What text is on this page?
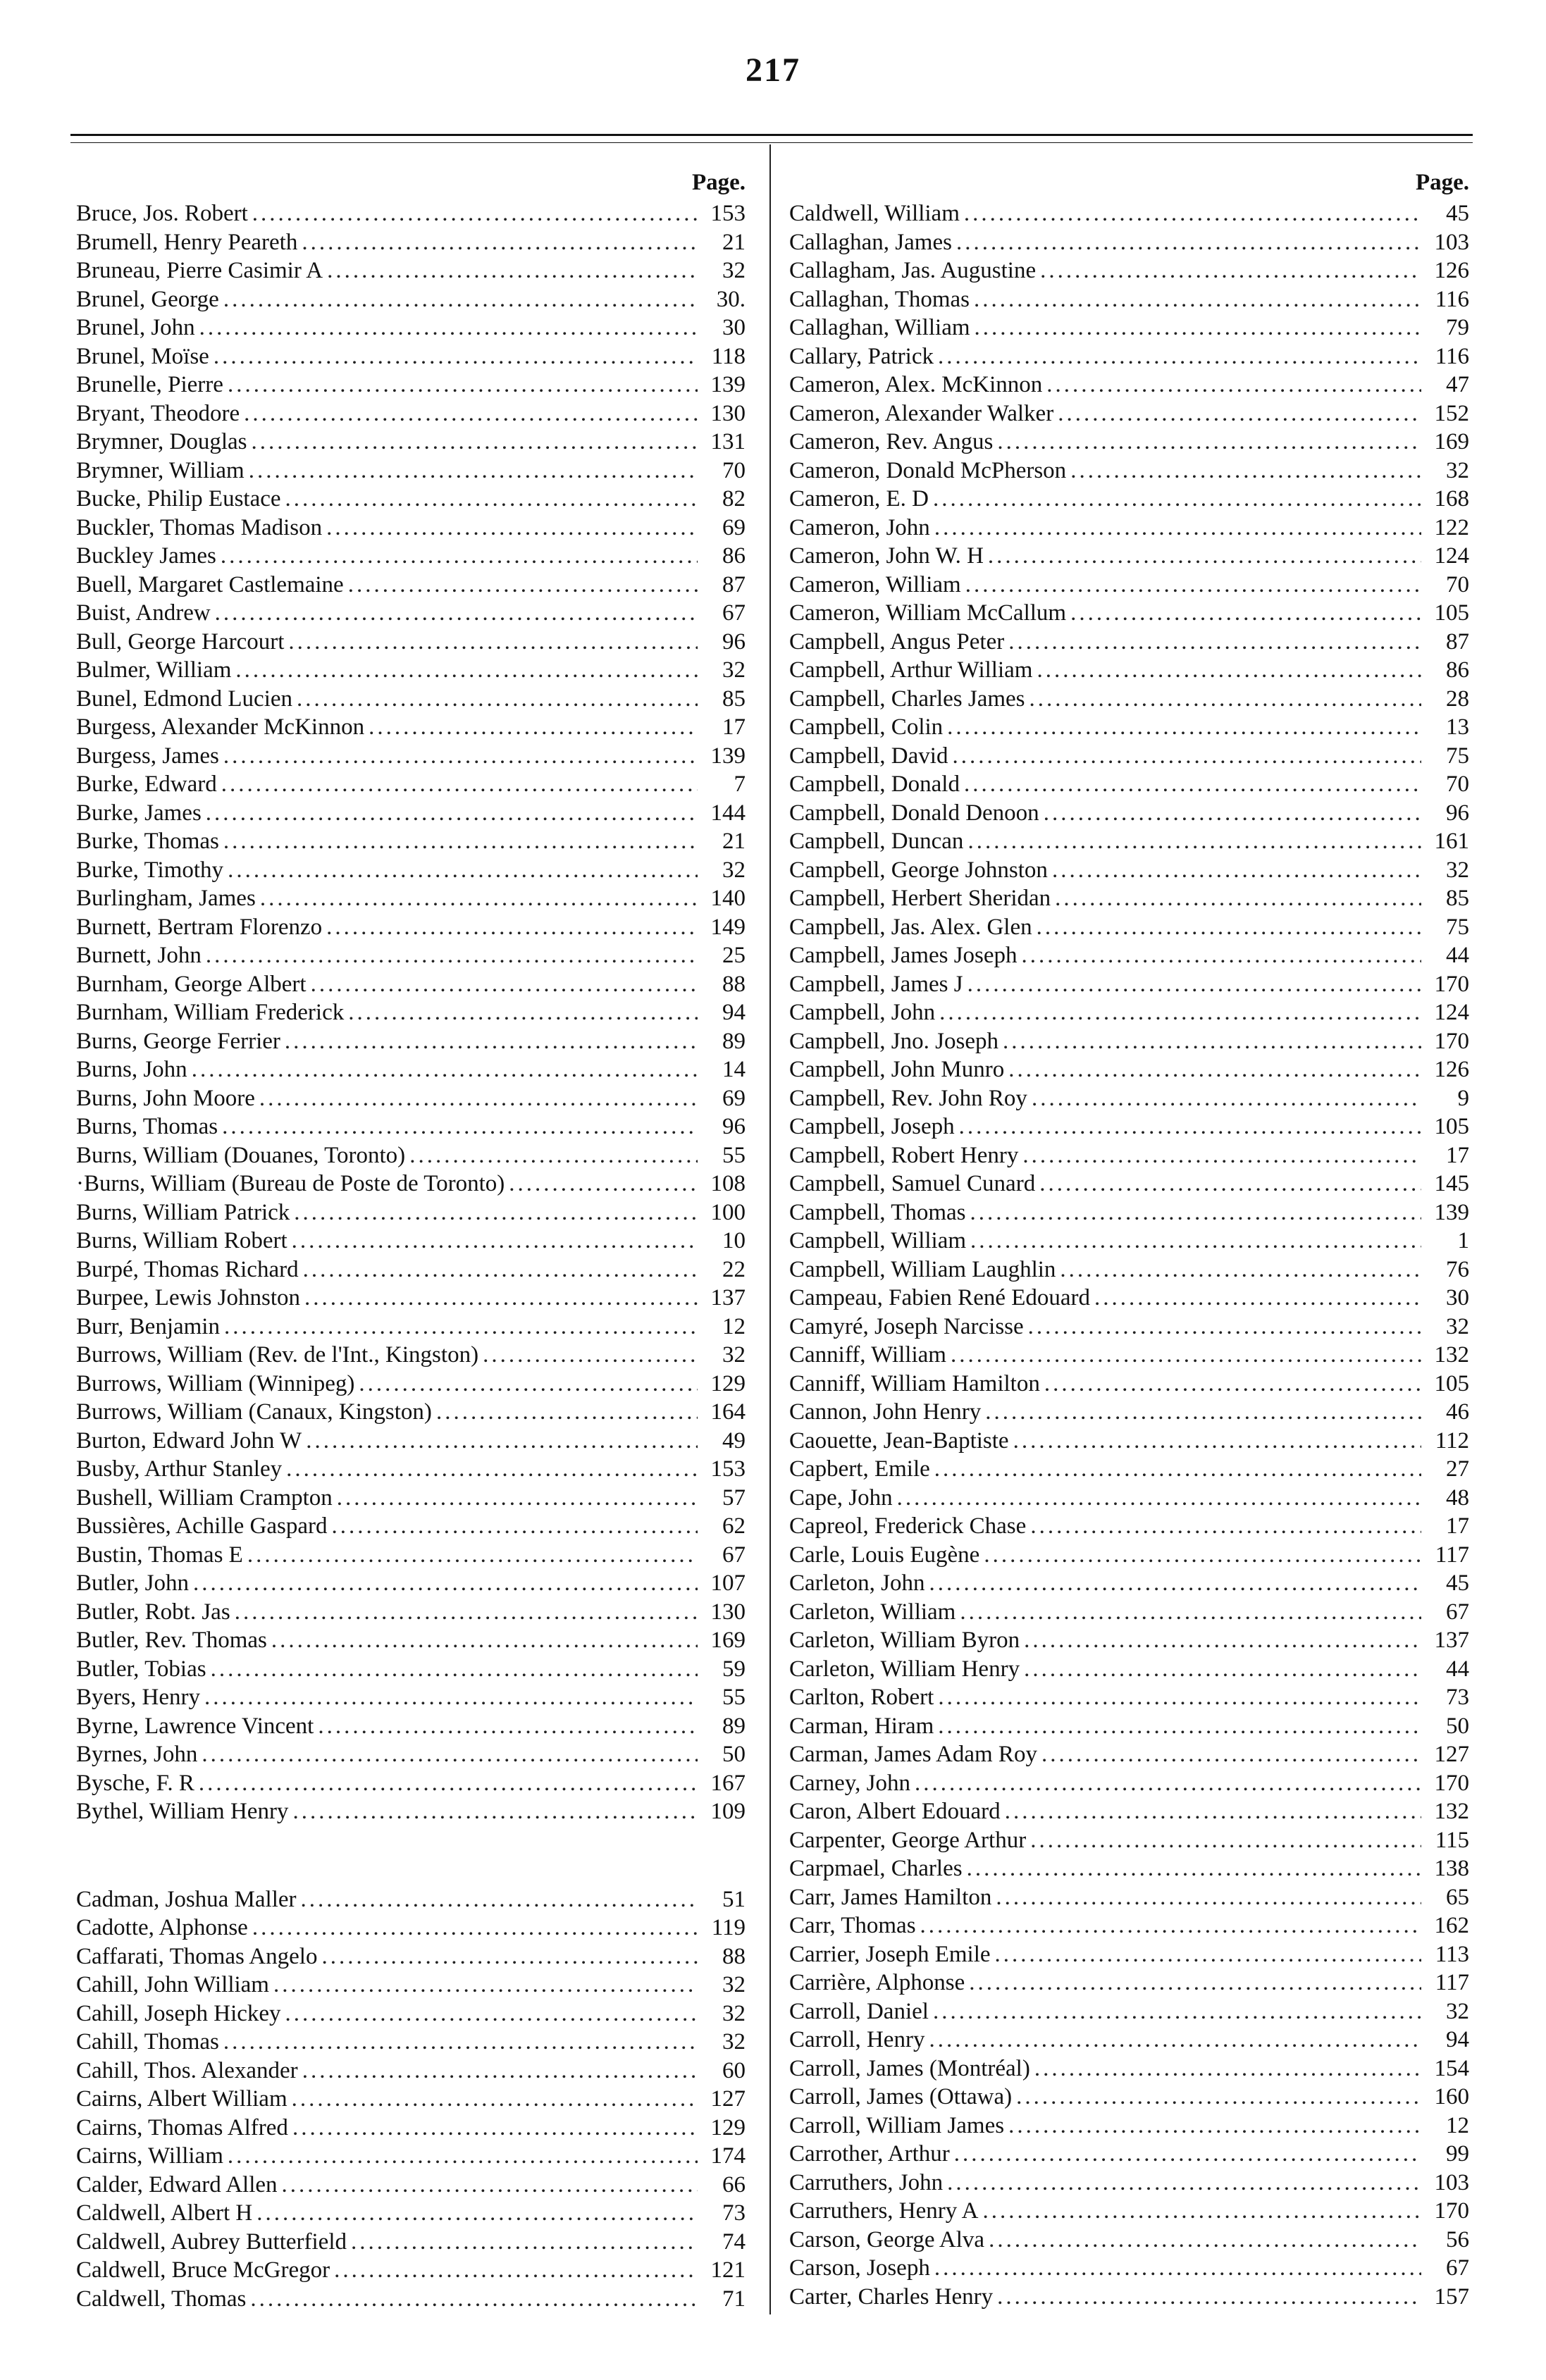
217
Page.
Bruce, Jos. Robert .....	153
Brumell, Henry Peareth .....	21
Bruneau, Pierre Casimir A .....	32
Brunel, George .....	30.
Brunel, John .....	30
Brunel, Moïse .....	118
Brunelle, Pierre .....	139
Bryant, Theodore .....	130
Brymner, Douglas .....	131
Brymner, William .....	70
Bucke, Philip Eustace .....	82
Buckler, Thomas Madison .....	69
Buckley James .....	86
Buell, Margaret Castlemaine .....	87
Buist, Andrew .....	67
Bull, George Harcourt .....	96
Bulmer, William .....	32
Bunel, Edmond Lucien .....	85
Burgess, Alexander McKinnon .....	17
Burgess, James .....	139
Burke, Edward .....	7
Burke, James .....	144
Burke, Thomas .....	21
Burke, Timothy .....	32
Burlingham, James .....	140
Burnett, Bertram Florenzo .....	149
Burnett, John .....	25
Burnham, George Albert .....	88
Burnham, William Frederick .....	94
Burns, George Ferrier .....	89
Burns, John .....	14
Burns, John Moore .....	69
Burns, Thomas .....	96
Burns, William (Douanes, Toronto) .....	55
·Burns, William (Bureau de Poste de Toronto) .....	108
Burns, William Patrick .....	100
Burns, William Robert .....	10
Burpé, Thomas Richard .....	22
Burpee, Lewis Johnston .....	137
Burr, Benjamin .....	12
Burrows, William (Rev. de l'Int., Kingston) .....	32
Burrows, William (Winnipeg) .....	129
Burrows, William (Canaux, Kingston) .....	164
Burton, Edward John W .....	49
Busby, Arthur Stanley .....	153
Bushell, William Crampton .....	57
Bussières, Achille Gaspard .....	62
Bustin, Thomas E .....	67
Butler, John .....	107
Butler, Robt. Jas .....	130
Butler, Rev. Thomas .....	169
Butler, Tobias .....	59
Byers, Henry .....	55
Byrne, Lawrence Vincent .....	89
Byrnes, John .....	50
Bysche, F. R .....	167
Bythel, William Henry .....	109
Cadman, Joshua Maller .....	51
Cadotte, Alphonse .....	119
Caffarati, Thomas Angelo .....	88
Cahill, John William .....	32
Cahill, Joseph Hickey .....	32
Cahill, Thomas .....	32
Cahill, Thos. Alexander .....	60
Cairns, Albert William .....	127
Cairns, Thomas Alfred .....	129
Cairns, William .....	174
Calder, Edward Allen .....	66
Caldwell, Albert H .....	73
Caldwell, Aubrey Butterfield .....	74
Caldwell, Bruce McGregor .....	121
Caldwell, Thomas .....	71
Page.
Caldwell, William .....	45
Callaghan, James .....	103
Callagham, Jas. Augustine .....	126
Callaghan, Thomas .....	116
Callaghan, William .....	79
Callary, Patrick .....	116
Cameron, Alex. McKinnon .....	47
Cameron, Alexander Walker .....	152
Cameron, Rev. Angus .....	169
Cameron, Donald McPherson .....	32
Cameron, E. D .....	168
Cameron, John .....	122
Cameron, John W. H .....	124
Cameron, William .....	70
Cameron, William McCallum .....	105
Campbell, Angus Peter .....	87
Campbell, Arthur William .....	86
Campbell, Charles James .....	28
Campbell, Colin .....	13
Campbell, David .....	75
Campbell, Donald .....	70
Campbell, Donald Denoon .....	96
Campbell, Duncan .....	161
Campbell, George Johnston .....	32
Campbell, Herbert Sheridan .....	85
Campbell, Jas. Alex. Glen .....	75
Campbell, James Joseph .....	44
Campbell, James J .....	170
Campbell, John .....	124
Campbell, Jno. Joseph .....	170
Campbell, John Munro .....	126
Campbell, Rev. John Roy .....	9
Campbell, Joseph .....	105
Campbell, Robert Henry .....	17
Campbell, Samuel Cunard .....	145
Campbell, Thomas .....	139
Campbell, William .....	1
Campbell, William Laughlin .....	76
Campeau, Fabien René Edouard .....	30
Camyré, Joseph Narcisse .....	32
Canniff, William .....	132
Canniff, William Hamilton .....	105
Cannon, John Henry .....	46
Caouette, Jean-Baptiste .....	112
Capbert, Emile .....	27
Cape, John .....	48
Capreol, Frederick Chase .....	17
Carle, Louis Eugène .....	117
Carleton, John .....	45
Carleton, William .....	67
Carleton, William Byron .....	137
Carleton, William Henry .....	44
Carlton, Robert .....	73
Carman, Hiram .....	50
Carman, James Adam Roy .....	127
Carney, John .....	170
Caron, Albert Edouard .....	132
Carpenter, George Arthur .....	115
Carpmael, Charles .....	138
Carr, James Hamilton .....	65
Carr, Thomas .....	162
Carrier, Joseph Emile .....	113
Carrière, Alphonse .....	117
Carroll, Daniel .....	32
Carroll, Henry .....	94
Carroll, James (Montréal) .....	154
Carroll, James (Ottawa) .....	160
Carroll, William James .....	12
Carrother, Arthur .....	99
Carruthers, John .....	103
Carruthers, Henry A .....	170
Carson, George Alva .....	56
Carson, Joseph .....	67
Carter, Charles Henry .....	157
